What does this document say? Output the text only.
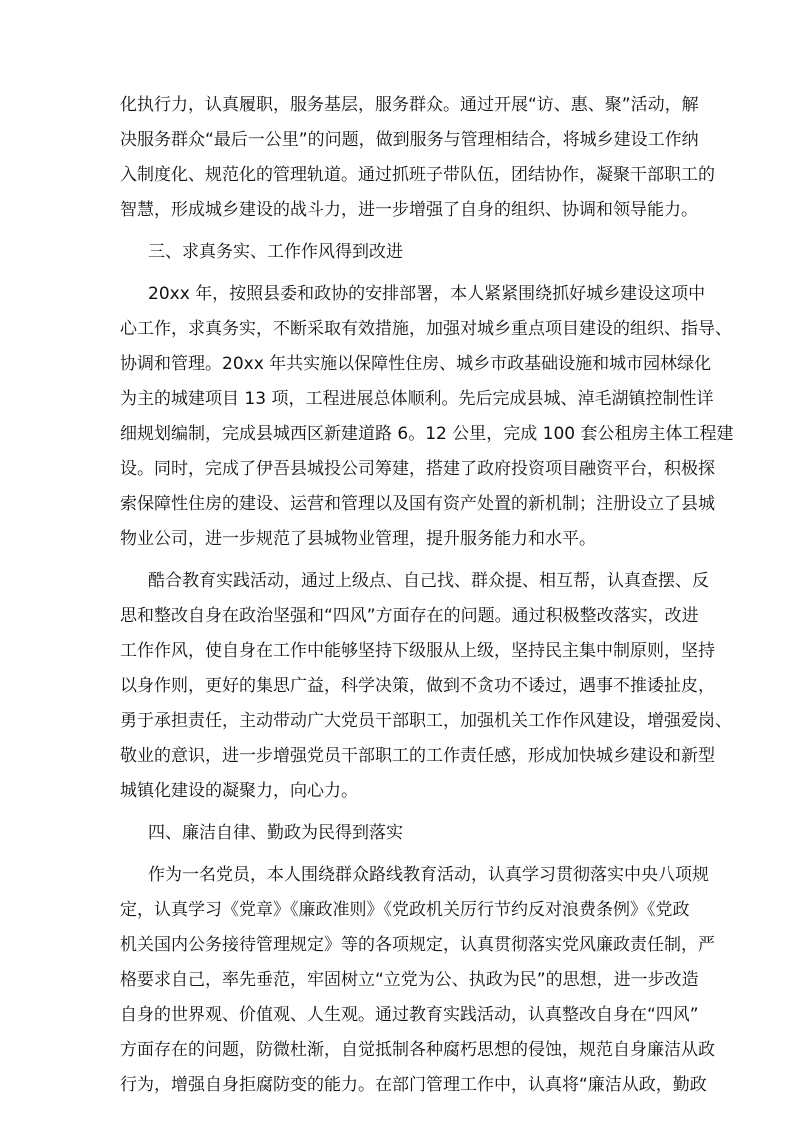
化执行力，认真履职，服务基层，服务群众。通过开展“访、惠、聚”活动，解
决服务群众“最后一公里”的问题，做到服务与管理相结合，将城乡建设工作纳
入制度化、规范化的管理轨道。通过抓班子带队伍，团结协作，凝聚干部职工的
智慧，形成城乡建设的战斗力，进一步增强了自身的组织、协调和领导能力。
三、求真务实、工作作风得到改进
20xx 年，按照县委和政协的安排部署，本人紧紧围绕抓好城乡建设这项中
心工作，求真务实，不断采取有效措施，加强对城乡重点项目建设的组织、指导、
协调和管理。20xx 年共实施以保障性住房、城乡市政基础设施和城市园林绿化
为主的城建项目 13 项，工程进展总体顺利。先后完成县城、淖毛湖镇控制性详
细规划编制，完成县城西区新建道路 6。12 公里，完成 100 套公租房主体工程建
设。同时，完成了伊吾县城投公司筹建，搭建了政府投资项目融资平台，积极探
索保障性住房的建设、运营和管理以及国有资产处置的新机制；注册设立了县城
物业公司，进一步规范了县城物业管理，提升服务能力和水平。
酷合教育实践活动，通过上级点、自己找、群众提、相互帮，认真查摆、反
思和整改自身在政治坚强和“四风”方面存在的问题。通过积极整改落实，改进
工作作风，使自身在工作中能够坚持下级服从上级，坚持民主集中制原则，坚持
以身作则，更好的集思广益，科学决策，做到不贪功不诿过，遇事不推诿扯皮，
勇于承担责任，主动带动广大党员干部职工，加强机关工作作风建设，增强爱岗、
敬业的意识，进一步增强党员干部职工的工作责任感，形成加快城乡建设和新型
城镇化建设的凝聚力，向心力。
四、廉洁自律、勤政为民得到落实
作为一名党员，本人围绕群众路线教育活动，认真学习贯彻落实中央八项规
定，认真学习《党章》《廉政准则》《党政机关厉行节约反对浪费条例》《党政
机关国内公务接待管理规定》等的各项规定，认真贯彻落实党风廉政责任制，严
格要求自己，率先垂范，牢固树立“立党为公、执政为民”的思想，进一步改造
自身的世界观、价值观、人生观。通过教育实践活动，认真整改自身在“四风”
方面存在的问题，防微杜渐，自觉抵制各种腐朽思想的侵蚀，规范自身廉洁从政
行为，增强自身拒腐防变的能力。在部门管理工作中，认真将“廉洁从政，勤政
